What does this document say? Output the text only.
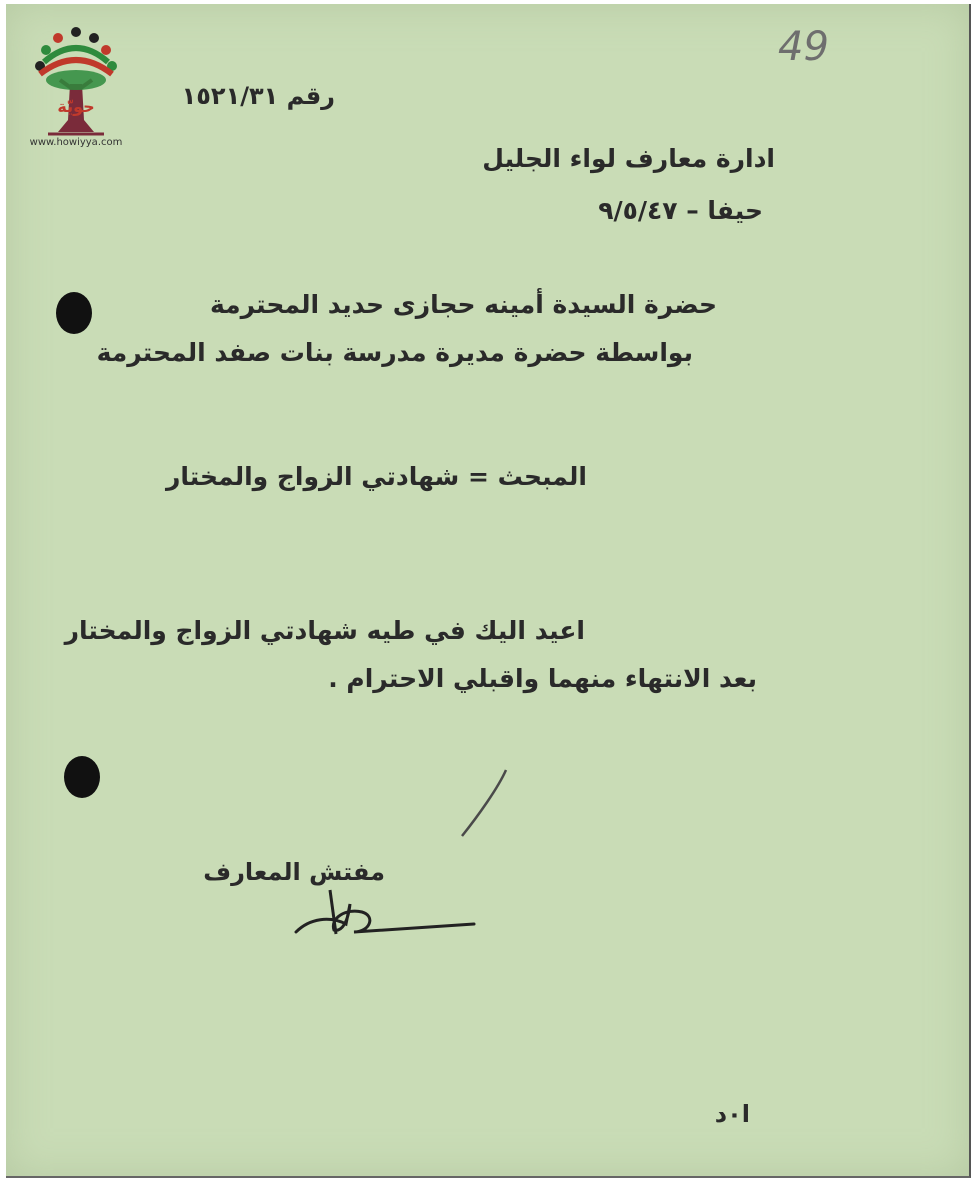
حويّة
www.howiyya.com
49
رقم ١٥٢١/٣١
ادارة معارف لواء الجليل
حيفا – ٩/٥/٤٧
حضرة السيدة أمينه حجازى حديد المحترمة
بواسطة حضرة مديرة مدرسة بنات صفد المحترمة
المبحث = شهادتي الزواج والمختار
اعيد اليك في طيه شهادتي الزواج والمختار
بعد الانتهاء منهما واقبلي الاحترام .
مفتش المعارف
ا٠د
